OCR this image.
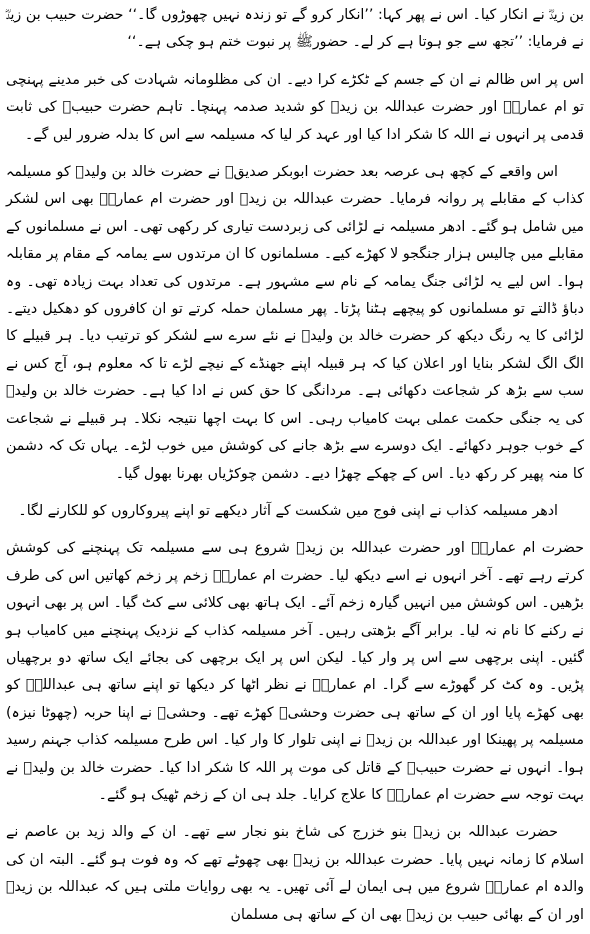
بن زیدؓ نے انکار کیا۔ اس نے پھر کہا: ’’انکار کرو گے تو زندہ نہیں چھوڑوں گا۔‘‘ حضرت حبیب بن زیدؓ نے فرمایا: ’’تجھ سے جو ہوتا ہے کر لے۔ حضورﷺ پر نبوت ختم ہو چکی ہے۔‘‘

اس پر اس ظالم نے ان کے جسم کے ٹکڑے کرا دیے۔ ان کی مظلومانہ شہادت کی خبر مدینے پہنچی تو ام عمارہؓ اور حضرت عبداللہ بن زیدؓ کو شدید صدمہ پہنچا۔ تاہم حضرت حبیبؓ کی ثابت قدمی پر انہوں نے اللہ کا شکر ادا کیا اور عہد کر لیا کہ مسیلمہ سے اس کا بدلہ ضرور لیں گے۔

اس واقعے کے کچھ ہی عرصہ بعد حضرت ابوبکر صدیقؓ نے حضرت خالد بن ولیدؓ کو مسیلمہ کذاب کے مقابلے پر روانہ فرمایا۔ حضرت عبداللہ بن زیدؓ اور حضرت ام عمارہؓ بھی اس لشکر میں شامل ہو گئے۔ ادھر مسیلمہ نے لڑائی کی زبردست تیاری کر رکھی تھی۔ اس نے مسلمانوں کے مقابلے میں چالیس ہزار جنگجو لا کھڑے کیے۔ مسلمانوں کا ان مرتدوں سے یمامہ کے مقام پر مقابلہ ہوا۔ اس لیے یہ لڑائی جنگ یمامہ کے نام سے مشہور ہے۔ مرتدوں کی تعداد بہت زیادہ تھی۔ وہ دباؤ ڈالتے تو مسلمانوں کو پیچھے ہٹنا پڑتا۔ پھر مسلمان حملہ کرتے تو ان کافروں کو دھکیل دیتے۔ لڑائی کا یہ رنگ دیکھ کر حضرت خالد بن ولیدؓ نے نئے سرے سے لشکر کو ترتیب دیا۔ ہر قبیلے کا الگ الگ لشکر بنایا اور اعلان کیا کہ ہر قبیلہ اپنے جھنڈے کے نیچے لڑے تا کہ معلوم ہو، آج کس نے سب سے بڑھ کر شجاعت دکھائی ہے۔ مردانگی کا حق کس نے ادا کیا ہے۔ حضرت خالد بن ولیدؓ کی یہ جنگی حکمت عملی بہت کامیاب رہی۔ اس کا بہت اچھا نتیجہ نکلا۔ ہر قبیلے نے شجاعت کے خوب جوہر دکھائے۔ ایک دوسرے سے بڑھ جانے کی کوشش میں خوب لڑے۔ یہاں تک کہ دشمن کا منہ پھیر کر رکھ دیا۔ اس کے چھکے چھڑا دیے۔ دشمن چوکڑیاں بھرنا بھول گیا۔

ادھر مسیلمہ کذاب نے اپنی فوج میں شکست کے آثار دیکھے تو اپنے پیروکاروں کو للکارنے لگا۔

حضرت ام عمارہؓ اور حضرت عبداللہ بن زیدؓ شروع ہی سے مسیلمہ تک پہنچنے کی کوشش کرتے رہے تھے۔ آخر انہوں نے اسے دیکھ لیا۔ حضرت ام عمارہؓ زخم پر زخم کھاتیں اس کی طرف بڑھیں۔ اس کوشش میں انہیں گیارہ زخم آئے۔ ایک ہاتھ بھی کلائی سے کٹ گیا۔ اس پر بھی انہوں نے رکنے کا نام نہ لیا۔ برابر آگے بڑھتی رہیں۔ آخر مسیلمہ کذاب کے نزدیک پہنچنے میں کامیاب ہو گئیں۔ اپنی برچھی سے اس پر وار کیا۔ لیکن اس پر ایک برچھی کی بجائے ایک ساتھ دو برچھیاں پڑیں۔ وہ کٹ کر گھوڑے سے گرا۔ ام عمارہؓ نے نظر اٹھا کر دیکھا تو اپنے ساتھ ہی عبداللہؓ کو بھی کھڑے پایا اور ان کے ساتھ ہی حضرت وحشیؓ کھڑے تھے۔ وحشیؓ نے اپنا حربہ (چھوٹا نیزہ) مسیلمہ پر پھینکا اور عبداللہ بن زیدؓ نے اپنی تلوار کا وار کیا۔ اس طرح مسیلمہ کذاب جہنم رسید ہوا۔ انہوں نے حضرت حبیبؓ کے قاتل کی موت پر اللہ کا شکر ادا کیا۔ حضرت خالد بن ولیدؓ نے بہت توجہ سے حضرت ام عمارہؓ کا علاج کرایا۔ جلد ہی ان کے زخم ٹھیک ہو گئے۔

حضرت عبداللہ بن زیدؓ بنو خزرج کی شاخ بنو نجار سے تھے۔ ان کے والد زید بن عاصم نے اسلام کا زمانہ نہیں پایا۔ حضرت عبداللہ بن زیدؓ بھی چھوٹے تھے کہ وہ فوت ہو گئے۔ البتہ ان کی والدہ ام عمارہؓ شروع میں ہی ایمان لے آئی تھیں۔ یہ بھی روایات ملتی ہیں کہ عبداللہ بن زیدؓ اور ان کے بھائی حبیب بن زیدؓ بھی ان کے ساتھ ہی مسلمان
